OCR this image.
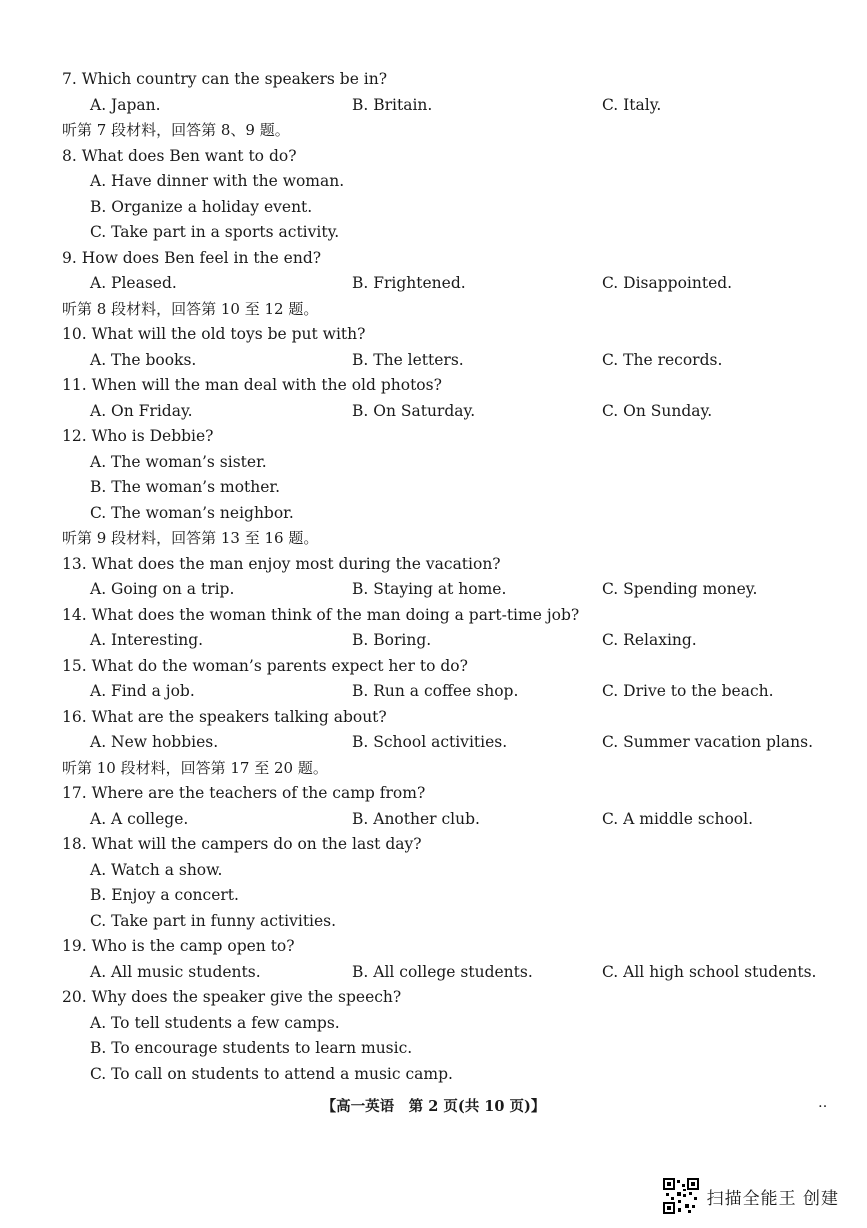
7. Which country can the speakers be in?
A. Japan.	B. Britain.	C. Italy.
听第 7 段材料，回答第 8、9 题。
8. What does Ben want to do?
A. Have dinner with the woman.
B. Organize a holiday event.
C. Take part in a sports activity.
9. How does Ben feel in the end?
A. Pleased.	B. Frightened.	C. Disappointed.
听第 8 段材料，回答第 10 至 12 题。
10. What will the old toys be put with?
A. The books.	B. The letters.	C. The records.
11. When will the man deal with the old photos?
A. On Friday.	B. On Saturday.	C. On Sunday.
12. Who is Debbie?
A. The woman’s sister.
B. The woman’s mother.
C. The woman’s neighbor.
听第 9 段材料，回答第 13 至 16 题。
13. What does the man enjoy most during the vacation?
A. Going on a trip.	B. Staying at home.	C. Spending money.
14. What does the woman think of the man doing a part-time job?
A. Interesting.	B. Boring.	C. Relaxing.
15. What do the woman’s parents expect her to do?
A. Find a job.	B. Run a coffee shop.	C. Drive to the beach.
16. What are the speakers talking about?
A. New hobbies.	B. School activities.	C. Summer vacation plans.
听第 10 段材料，回答第 17 至 20 题。
17. Where are the teachers of the camp from?
A. A college.	B. Another club.	C. A middle school.
18. What will the campers do on the last day?
A. Watch a show.
B. Enjoy a concert.
C. Take part in funny activities.
19. Who is the camp open to?
A. All music students.	B. All college students.	C. All high school students.
20. Why does the speaker give the speech?
A. To tell students a few camps.
B. To encourage students to learn music.
C. To call on students to attend a music camp.
【高一英语　第 2 页(共 10 页)】	‥
扫描全能王 创建
